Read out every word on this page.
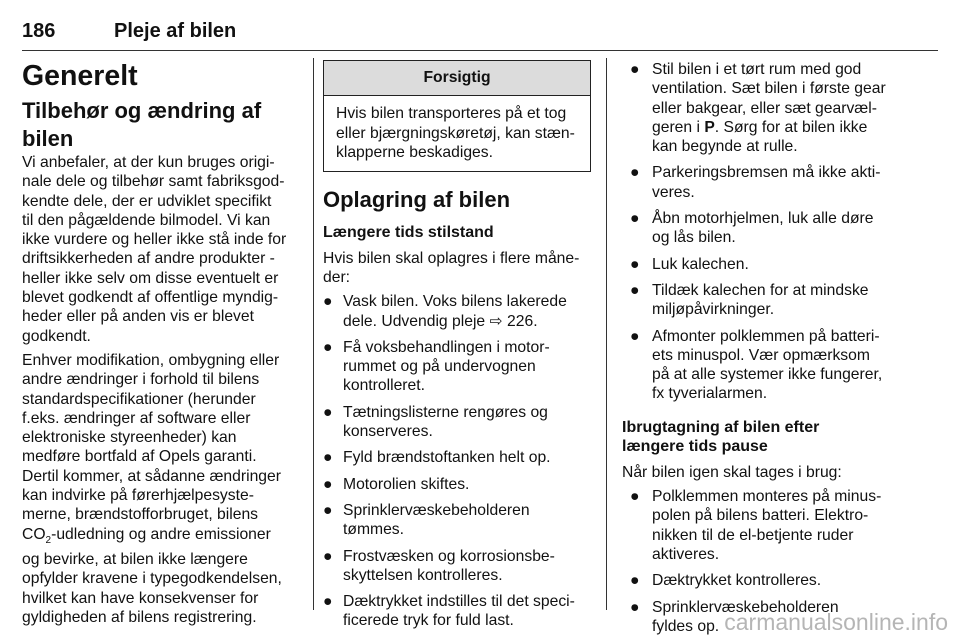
186	Pleje af bilen
Generelt
Tilbehør og ændring af bilen

Vi anbefaler, at der kun bruges origi-
nale dele og tilbehør samt fabriksgod-
kendte dele, der er udviklet specifikt
til den pågældende bilmodel. Vi kan
ikke vurdere og heller ikke stå inde for
driftsikkerheden af andre produkter -
heller ikke selv om disse eventuelt er
blevet godkendt af offentlige myndig-
heder eller på anden vis er blevet
godkendt.

Enhver modifikation, ombygning eller
andre ændringer i forhold til bilens
standardspecifikationer (herunder
f.eks. ændringer af software eller
elektroniske styreenheder) kan
medføre bortfald af Opels garanti.
Dertil kommer, at sådanne ændringer
kan indvirke på førerhjælpesyste-
merne, brændstofforbruget, bilens
$CO_2$-udledning og andre emissioner
og bevirke, at bilen ikke længere
opfylder kravene i typegodkendelsen,
hvilket kan have konsekvenser for
gyldigheden af bilens registrering.

Forsigtig
Hvis bilen transporteres på et tog
eller bjærgningskøretøj, kan stæn-
klapperne beskadiges.
Oplagring af bilen
Længere tids stilstand

Hvis bilen skal oplagres i flere måne-
der:

● Vask bilen. Voks bilens lakerede
dele. Udvendig pleje ⇨ 226.
● Få voksbehandlingen i motor-
rummet og på undervognen
kontrolleret.
● Tætningslisterne rengøres og
konserveres.
● Fyld brændstoftanken helt op.
● Motorolien skiftes.
● Sprinklervæskebeholderen
tømmes.
● Frostvæsken og korrosionsbe-
skyttelsen kontrolleres.
● Dæktrykket indstilles til det speci-
ficerede tryk for fuld last.
● Stil bilen i et tørt rum med god
ventilation. Sæt bilen i første gear
eller bakgear, eller sæt gearvæl-
geren i P. Sørg for at bilen ikke
kan begynde at rulle.
● Parkeringsbremsen må ikke akti-
veres.
● Åbn motorhjelmen, luk alle døre
og lås bilen.
● Luk kalechen.
● Tildæk kalechen for at mindske
miljøpåvirkninger.
● Afmonter polklemmen på batteri-
ets minuspol. Vær opmærksom
på at alle systemer ikke fungerer,
fx tyverialarmen.
Ibrugtagning af bilen efter
længere tids pause

Når bilen igen skal tages i brug:

● Polklemmen monteres på minus-
polen på bilens batteri. Elektro-
nikken til de el-betjente ruder
aktiveres.
● Dæktrykket kontrolleres.
● Sprinklervæskebeholderen
fyldes op. carmanualsonline.info
